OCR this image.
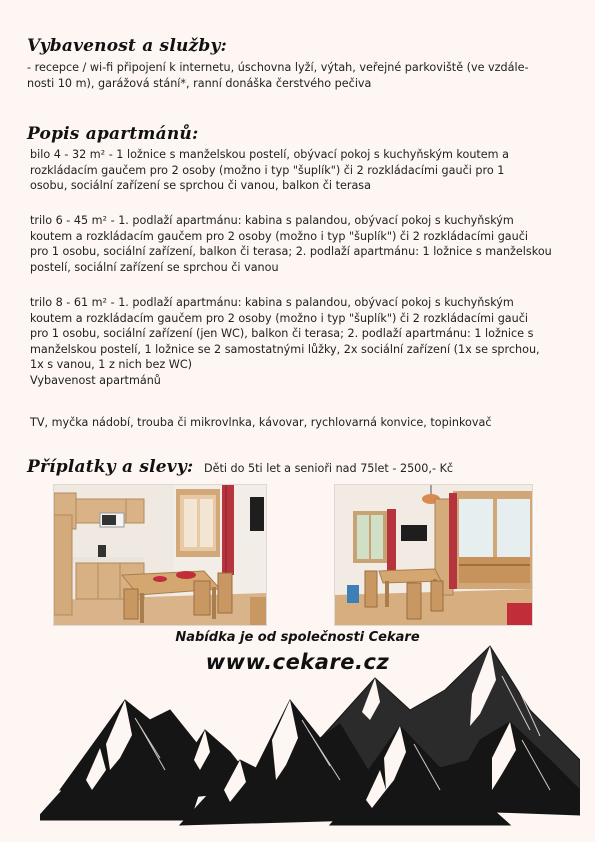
Vybavenost a služby:

- recepce / wi-fi připojení k internetu, úschovna lyží, výtah, veřejné parkoviště (ve vzdále-
nosti 10 m), garážová stání*, ranní donáška čerstvého pečiva

Popis apartmánů:

bilo 4 - 32 m² - 1 ložnice s manželskou postelí, obývací pokoj s kuchyňským koutem a
rozkládacím gaučem pro 2 osoby (možno i typ "šuplík") či 2 rozkládacími gauči pro 1
osobu, sociální zařízení se sprchou či vanou, balkon či terasa

trilo 6 - 45 m² - 1. podlaží apartmánu: kabina s palandou, obývací pokoj s kuchyňským
koutem a rozkládacím gaučem pro 2 osoby (možno i typ "šuplík") či 2 rozkládacími gauči
pro 1 osobu, sociální zařízení, balkon či terasa; 2. podlaží apartmánu: 1 ložnice s manželskou
postelí, sociální zařízení se sprchou či vanou

trilo 8 - 61 m² - 1. podlaží apartmánu: kabina s palandou, obývací pokoj s kuchyňským
koutem a rozkládacím gaučem pro 2 osoby (možno i typ "šuplík") či 2 rozkládacími gauči
pro 1 osobu, sociální zařízení (jen WC), balkon či terasa; 2. podlaží apartmánu: 1 ložnice s
manželskou postelí, 1 ložnice se 2 samostatnými lůžky, 2x sociální zařízení (1x se sprchou,
1x s vanou, 1 z nich bez WC)
Vybavenost apartmánů

TV, myčka nádobí, trouba či mikrovlnka, kávovar, rychlovarná konvice, topinkovač

Příplatky a slevy: Děti do 5ti let a senioři nad 75let - 2500,- Kč

Nabídka je od společnosti Cekare
www.cekare.cz
